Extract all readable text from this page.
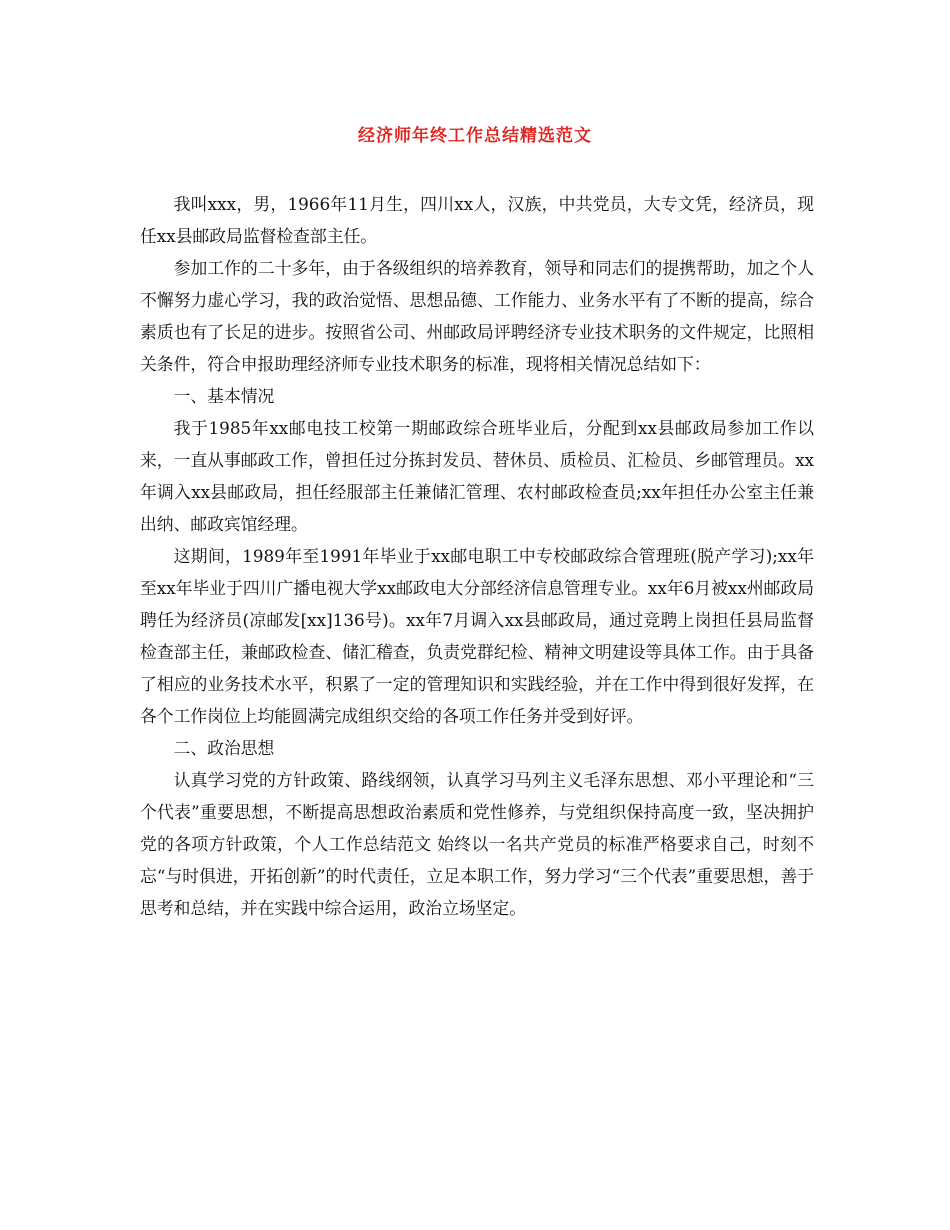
经济师年终工作总结精选范文

我叫xxx，男，1966年11月生，四川xx人，汉族，中共党员，大专文凭，经济员，现任xx县邮政局监督检查部主任。

参加工作的二十多年，由于各级组织的培养教育，领导和同志们的提携帮助，加之个人不懈努力虚心学习，我的政治觉悟、思想品德、工作能力、业务水平有了不断的提高，综合素质也有了长足的进步。按照省公司、州邮政局评聘经济专业技术职务的文件规定，比照相关条件，符合申报助理经济师专业技术职务的标准，现将相关情况总结如下：

一、基本情况

我于1985年xx邮电技工校第一期邮政综合班毕业后，分配到xx县邮政局参加工作以来，一直从事邮政工作，曾担任过分拣封发员、替休员、质检员、汇检员、乡邮管理员。xx年调入xx县邮政局，担任经服部主任兼储汇管理、农村邮政检查员;xx年担任办公室主任兼出纳、邮政宾馆经理。

这期间，1989年至1991年毕业于xx邮电职工中专校邮政综合管理班(脱产学习);xx年至xx年毕业于四川广播电视大学xx邮政电大分部经济信息管理专业。xx年6月被xx州邮政局聘任为经济员(凉邮发[xx]136号)。xx年7月调入xx县邮政局，通过竞聘上岗担任县局监督检查部主任，兼邮政检查、储汇稽查，负责党群纪检、精神文明建设等具体工作。由于具备了相应的业务技术水平，积累了一定的管理知识和实践经验，并在工作中得到很好发挥，在各个工作岗位上均能圆满完成组织交给的各项工作任务并受到好评。

二、政治思想

认真学习党的方针政策、路线纲领，认真学习马列主义毛泽东思想、邓小平理论和“三个代表”重要思想，不断提高思想政治素质和党性修养，与党组织保持高度一致，坚决拥护党的各项方针政策，个人工作总结范文 始终以一名共产党员的标准严格要求自己，时刻不忘“与时俱进，开拓创新”的时代责任，立足本职工作，努力学习“三个代表”重要思想，善于思考和总结，并在实践中综合运用，政治立场坚定。
